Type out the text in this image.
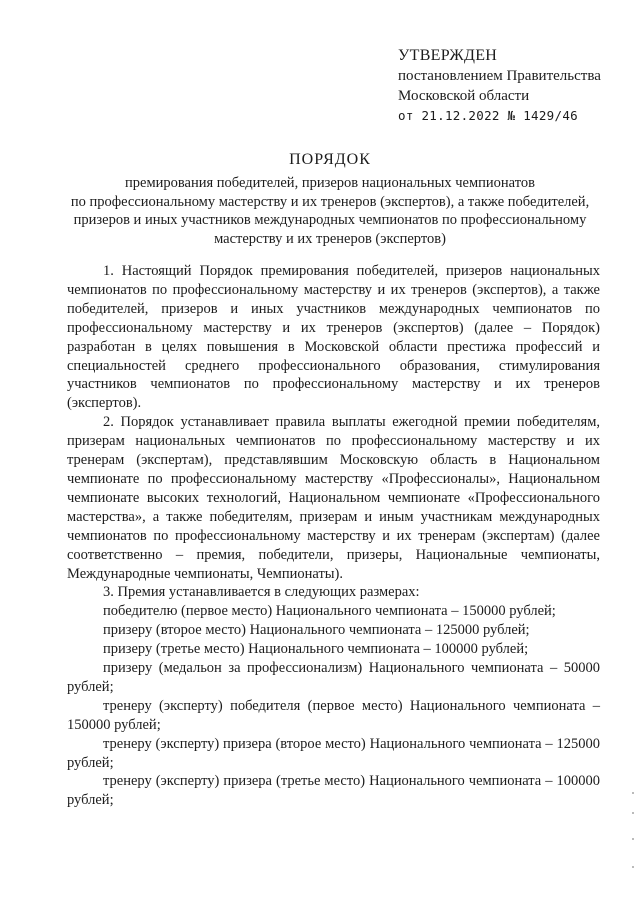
УТВЕРЖДЕН
постановлением Правительства
Московской области
от 21.12.2022 № 1429/46
ПОРЯДОК
премирования победителей, призеров национальных чемпионатов
по профессиональному мастерству и их тренеров (экспертов), а также победителей,
призеров и иных участников международных чемпионатов по профессиональному
мастерству и их тренеров (экспертов)

1. Настоящий Порядок премирования победителей, призеров национальных чемпионатов по профессиональному мастерству и их тренеров (экспертов), а также победителей, призеров и иных участников международных чемпионатов по профессиональному мастерству и их тренеров (экспертов) (далее – Порядок) разработан в целях повышения в Московской области престижа профессий и специальностей среднего профессионального образования, стимулирования участников чемпионатов по профессиональному мастерству и их тренеров (экспертов).

2. Порядок устанавливает правила выплаты ежегодной премии победителям, призерам национальных чемпионатов по профессиональному мастерству и их тренерам (экспертам), представлявшим Московскую область в Национальном чемпионате по профессиональному мастерству «Профессионалы», Национальном чемпионате высоких технологий, Национальном чемпионате «Профессионального мастерства», а также победителям, призерам и иным участникам международных чемпионатов по профессиональному мастерству и их тренерам (экспертам) (далее соответственно – премия, победители, призеры, Национальные чемпионаты, Международные чемпионаты, Чемпионаты).

3. Премия устанавливается в следующих размерах:

победителю (первое место) Национального чемпионата – 150000 рублей;

призеру (второе место) Национального чемпионата – 125000 рублей;

призеру (третье место) Национального чемпионата – 100000 рублей;

призеру (медальон за профессионализм) Национального чемпионата – 50000 рублей;

тренеру (эксперту) победителя (первое место) Национального чемпионата – 150000 рублей;

тренеру (эксперту) призера (второе место) Национального чемпионата – 125000 рублей;

тренеру (эксперту) призера (третье место) Национального чемпионата – 100000 рублей;
